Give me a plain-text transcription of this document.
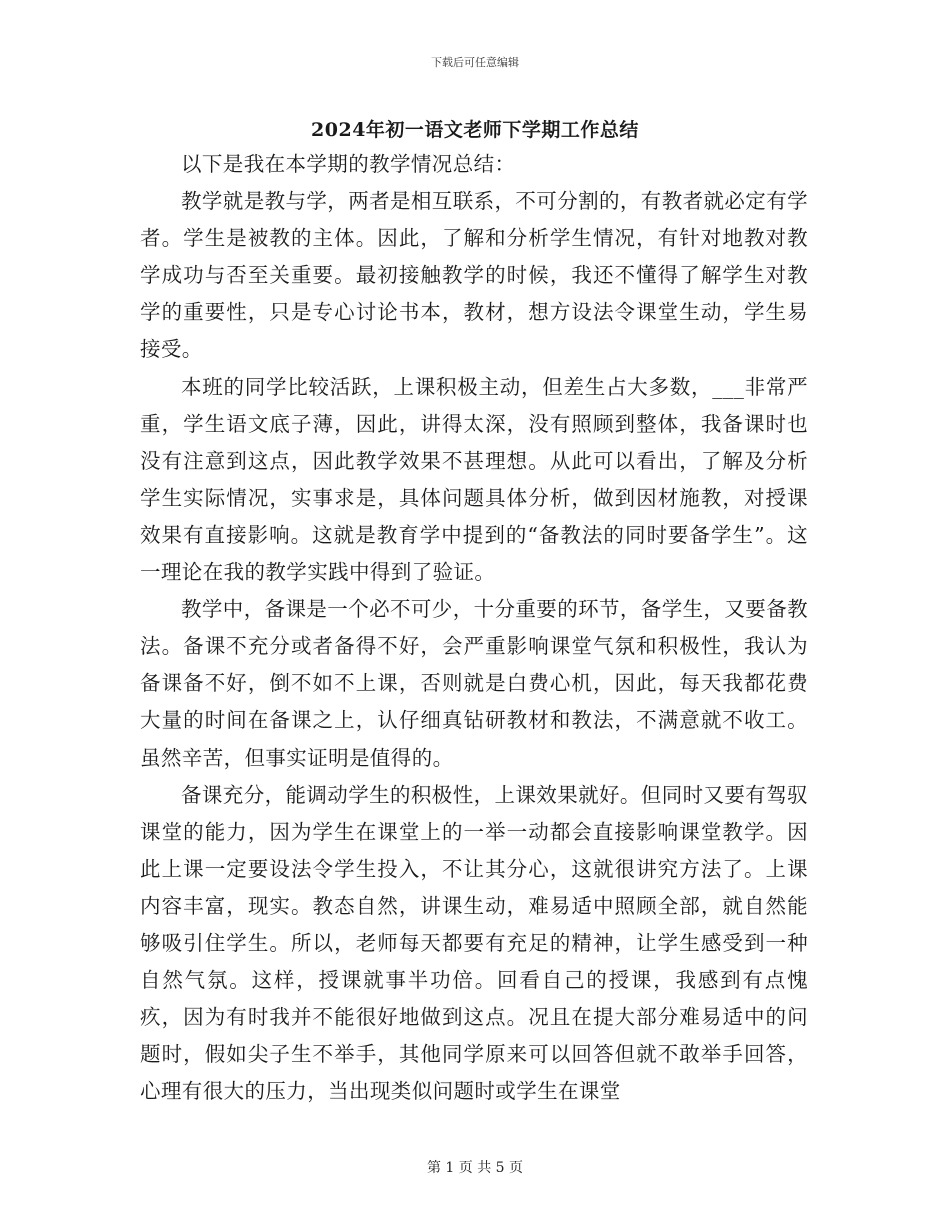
下载后可任意编辑
2024年初一语文老师下学期工作总结

以下是我在本学期的教学情况总结：

教学就是教与学，两者是相互联系，不可分割的，有教者就必定有学者。学生是被教的主体。因此，了解和分析学生情况，有针对地教对教学成功与否至关重要。最初接触教学的时候，我还不懂得了解学生对教学的重要性，只是专心讨论书本，教材，想方设法令课堂生动，学生易接受。

本班的同学比较活跃，上课积极主动，但差生占大多数，___非常严重，学生语文底子薄，因此，讲得太深，没有照顾到整体，我备课时也没有注意到这点，因此教学效果不甚理想。从此可以看出，了解及分析学生实际情况，实事求是，具体问题具体分析，做到因材施教，对授课效果有直接影响。这就是教育学中提到的“备教法的同时要备学生”。这一理论在我的教学实践中得到了验证。

教学中，备课是一个必不可少，十分重要的环节，备学生，又要备教法。备课不充分或者备得不好，会严重影响课堂气氛和积极性，我认为备课备不好，倒不如不上课，否则就是白费心机，因此，每天我都花费大量的时间在备课之上，认仔细真钻研教材和教法，不满意就不收工。虽然辛苦，但事实证明是值得的。

备课充分，能调动学生的积极性，上课效果就好。但同时又要有驾驭课堂的能力，因为学生在课堂上的一举一动都会直接影响课堂教学。因此上课一定要设法令学生投入，不让其分心，这就很讲究方法了。上课内容丰富，现实。教态自然，讲课生动，难易适中照顾全部，就自然能够吸引住学生。所以，老师每天都要有充足的精神，让学生感受到一种自然气氛。这样，授课就事半功倍。回看自己的授课，我感到有点愧疚，因为有时我并不能很好地做到这点。况且在提大部分难易适中的问题时，假如尖子生不举手，其他同学原来可以回答但就不敢举手回答，心理有很大的压力，当出现类似问题时或学生在课堂

第 1 页 共 5 页
